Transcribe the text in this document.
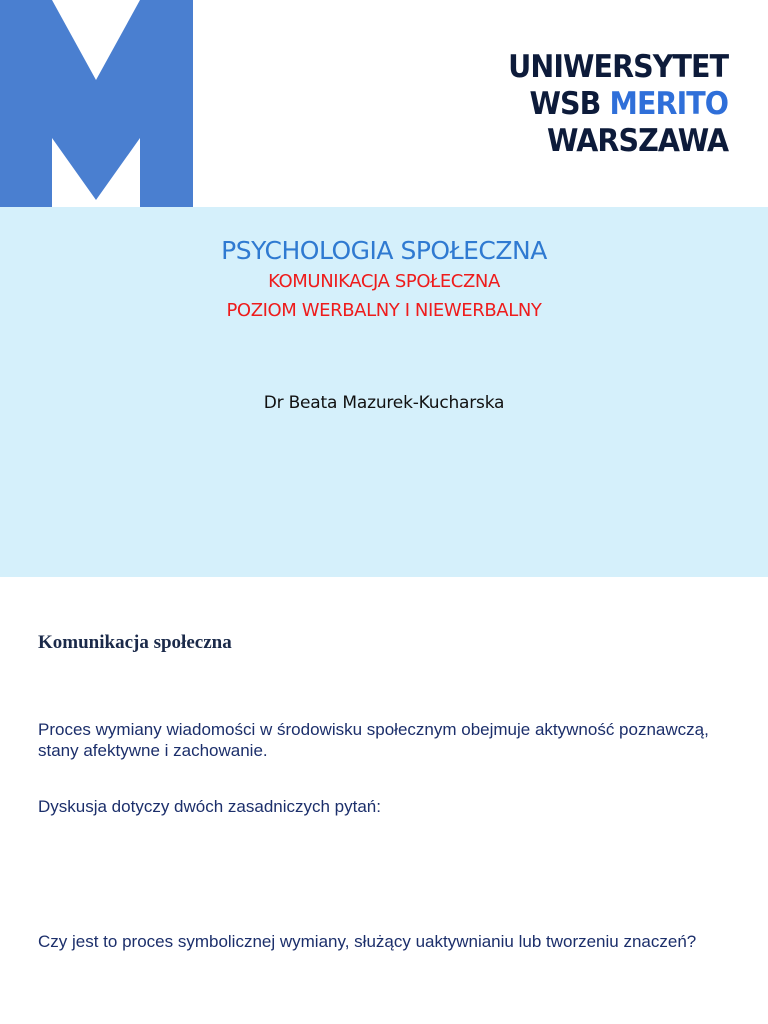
UNIWERSYTET
WSB MERITO
WARSZAWA
PSYCHOLOGIA SPOŁECZNA
KOMUNIKACJA SPOŁECZNA
POZIOM WERBALNY I NIEWERBALNY
Dr Beata Mazurek-Kucharska
Komunikacja społeczna
Proces wymiany wiadomości w środowisku społecznym obejmuje aktywność poznawczą, stany afektywne i zachowanie.
Dyskusja dotyczy dwóch zasadniczych pytań:
Czy jest to proces symbolicznej wymiany, służący uaktywnianiu lub tworzeniu znaczeń?
